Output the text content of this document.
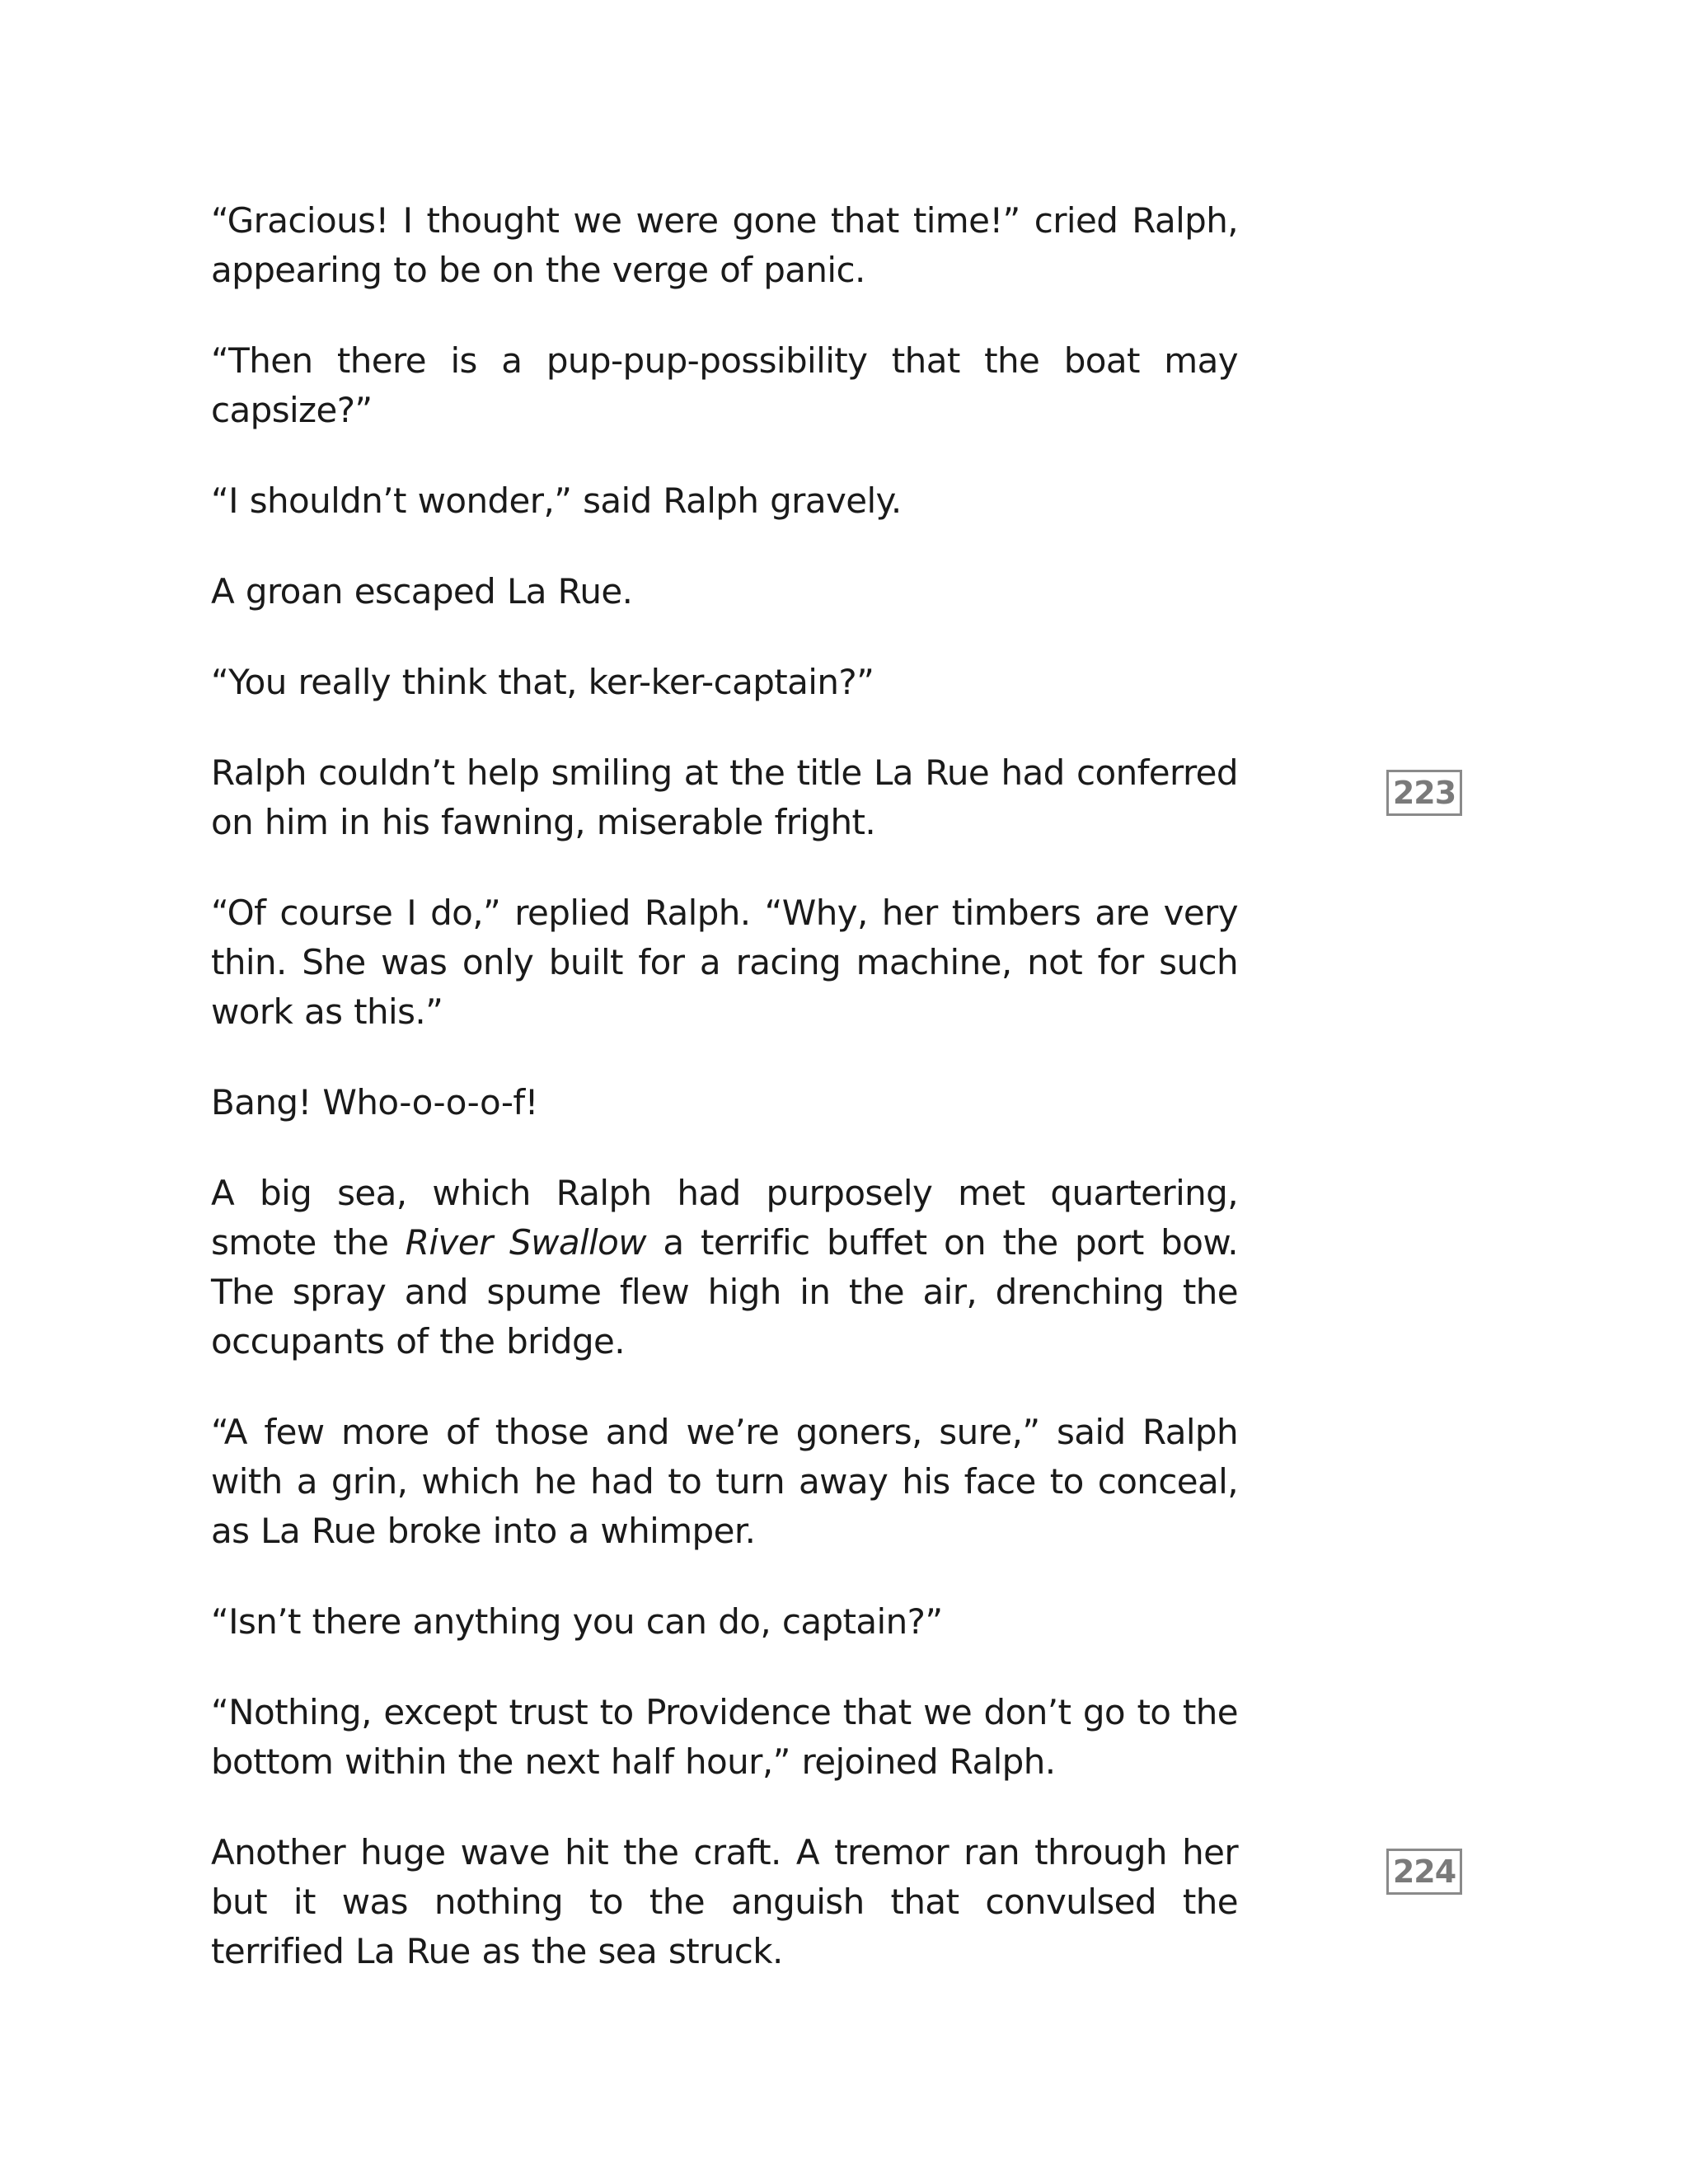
“Gracious! I thought we were gone that time!” cried Ralph, appearing to be on the verge of panic.

“Then there is a pup-pup-possibility that the boat may capsize?”

“I shouldn’t wonder,” said Ralph gravely.

A groan escaped La Rue.

“You really think that, ker-ker-captain?”

Ralph couldn’t help smiling at the title La Rue had conferred on him in his fawning, miserable fright.

“Of course I do,” replied Ralph. “Why, her timbers are very thin. She was only built for a racing machine, not for such work as this.”

Bang! Who-o-o-o-f!

A big sea, which Ralph had purposely met quartering, smote the River Swallow a terrific buffet on the port bow. The spray and spume flew high in the air, drenching the occupants of the bridge.

“A few more of those and we’re goners, sure,” said Ralph with a grin, which he had to turn away his face to conceal, as La Rue broke into a whimper.

“Isn’t there anything you can do, captain?”

“Nothing, except trust to Providence that we don’t go to the bottom within the next half hour,” rejoined Ralph.

Another huge wave hit the craft. A tremor ran through her but it was nothing to the anguish that convulsed the terrified La Rue as the sea struck.

223
224
